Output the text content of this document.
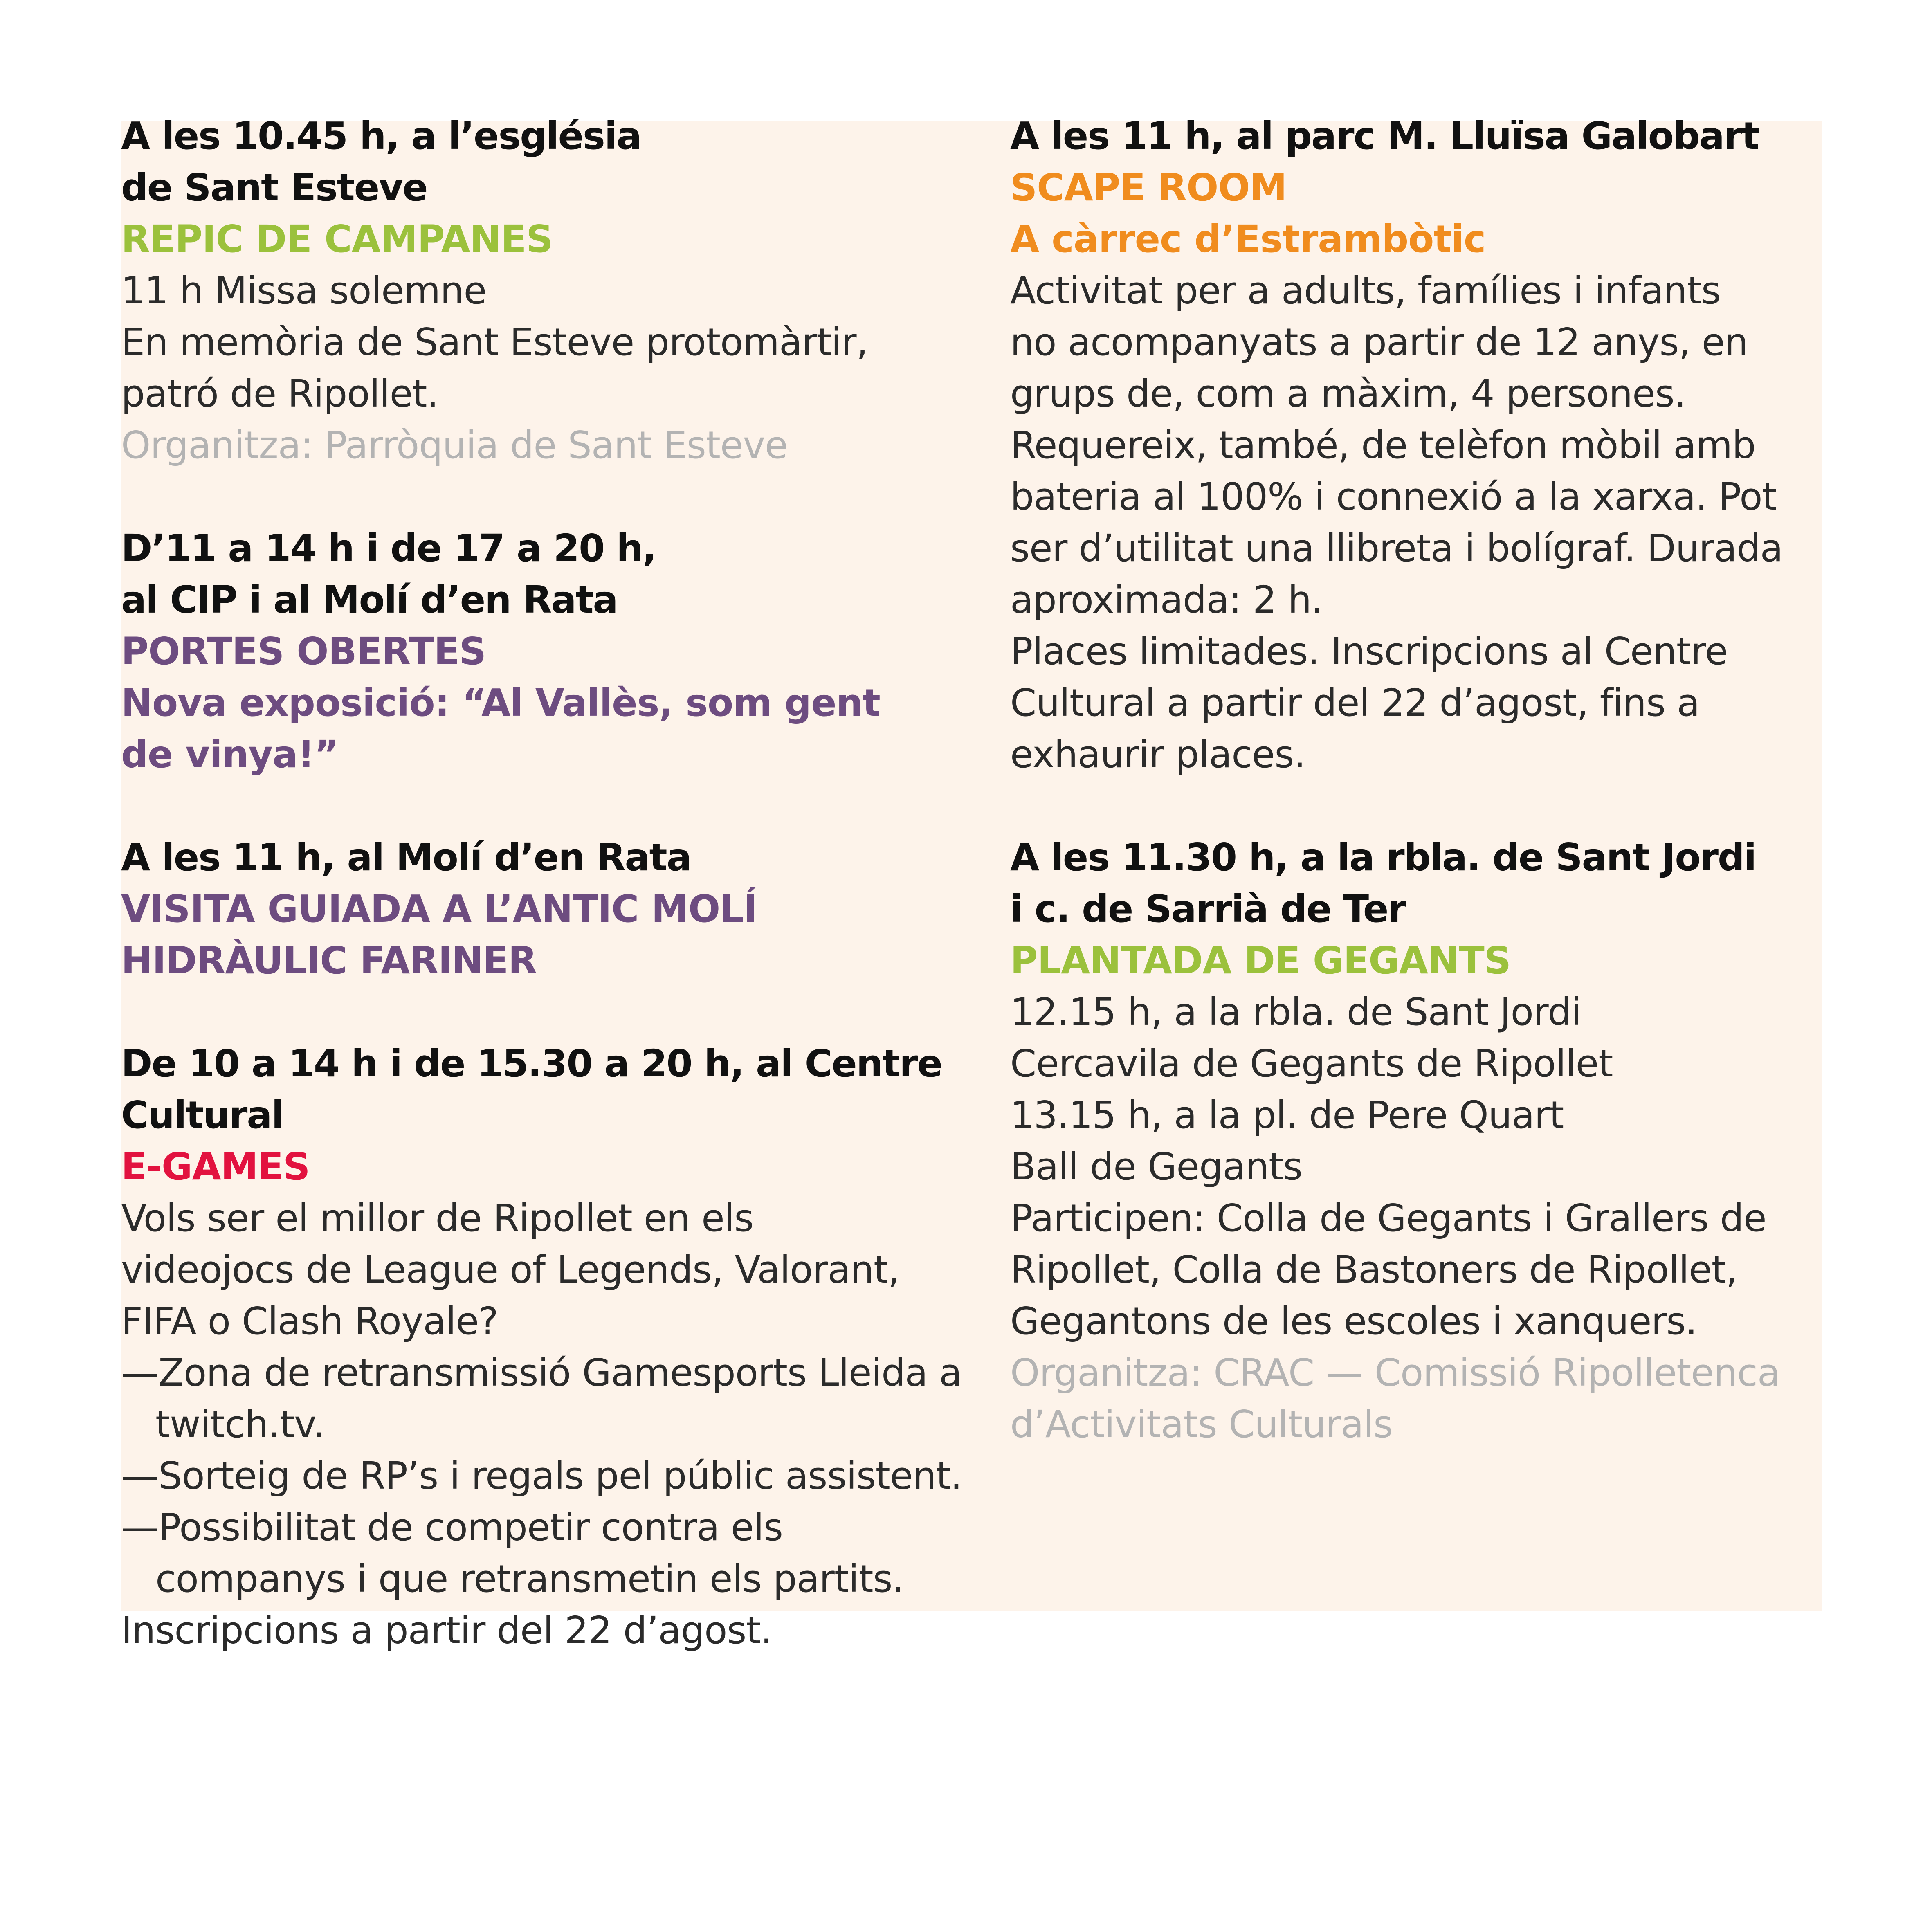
A les 10.45 h, a l’església

de Sant Esteve

REPIC DE CAMPANES

11 h Missa solemne

En memòria de Sant Esteve protomàrtir,

patró de Ripollet.

Organitza: Parròquia de Sant Esteve

D’11 a 14 h i de 17 a 20 h,

al CIP i al Molí d’en Rata

PORTES OBERTES

Nova exposició: “Al Vallès, som gent

de vinya!”

A les 11 h, al Molí d’en Rata

VISITA GUIADA A L’ANTIC MOLÍ

HIDRÀULIC FARINER

De 10 a 14 h i de 15.30 a 20 h, al Centre

Cultural

E-GAMES

Vols ser el millor de Ripollet en els

videojocs de League of Legends, Valorant,

FIFA o Clash Royale?

—Zona de retransmissió Gamesports Lleida a twitch.tv.
—Sorteig de RP’s i regals pel públic assistent.
—Possibilitat de competir contra els companys i que retransmetin els partits.

Inscripcions a partir del 22 d’agost.

A les 11 h, al parc M. Lluïsa Galobart

SCAPE ROOM

A càrrec d’Estrambòtic

Activitat per a adults, famílies i infants

no acompanyats a partir de 12 anys, en

grups de, com a màxim, 4 persones.

Requereix, també, de telèfon mòbil amb

bateria al 100% i connexió a la xarxa. Pot

ser d’utilitat una llibreta i bolígraf. Durada

aproximada: 2 h.

Places limitades. Inscripcions al Centre

Cultural a partir del 22 d’agost, fins a

exhaurir places.

A les 11.30 h, a la rbla. de Sant Jordi

i c. de Sarrià de Ter

PLANTADA DE GEGANTS

12.15 h, a la rbla. de Sant Jordi

Cercavila de Gegants de Ripollet

13.15 h, a la pl. de Pere Quart

Ball de Gegants

Participen: Colla de Gegants i Grallers de

Ripollet, Colla de Bastoners de Ripollet,

Gegantons de les escoles i xanquers.

Organitza: CRAC — Comissió Ripolletenca

d’Activitats Culturals
